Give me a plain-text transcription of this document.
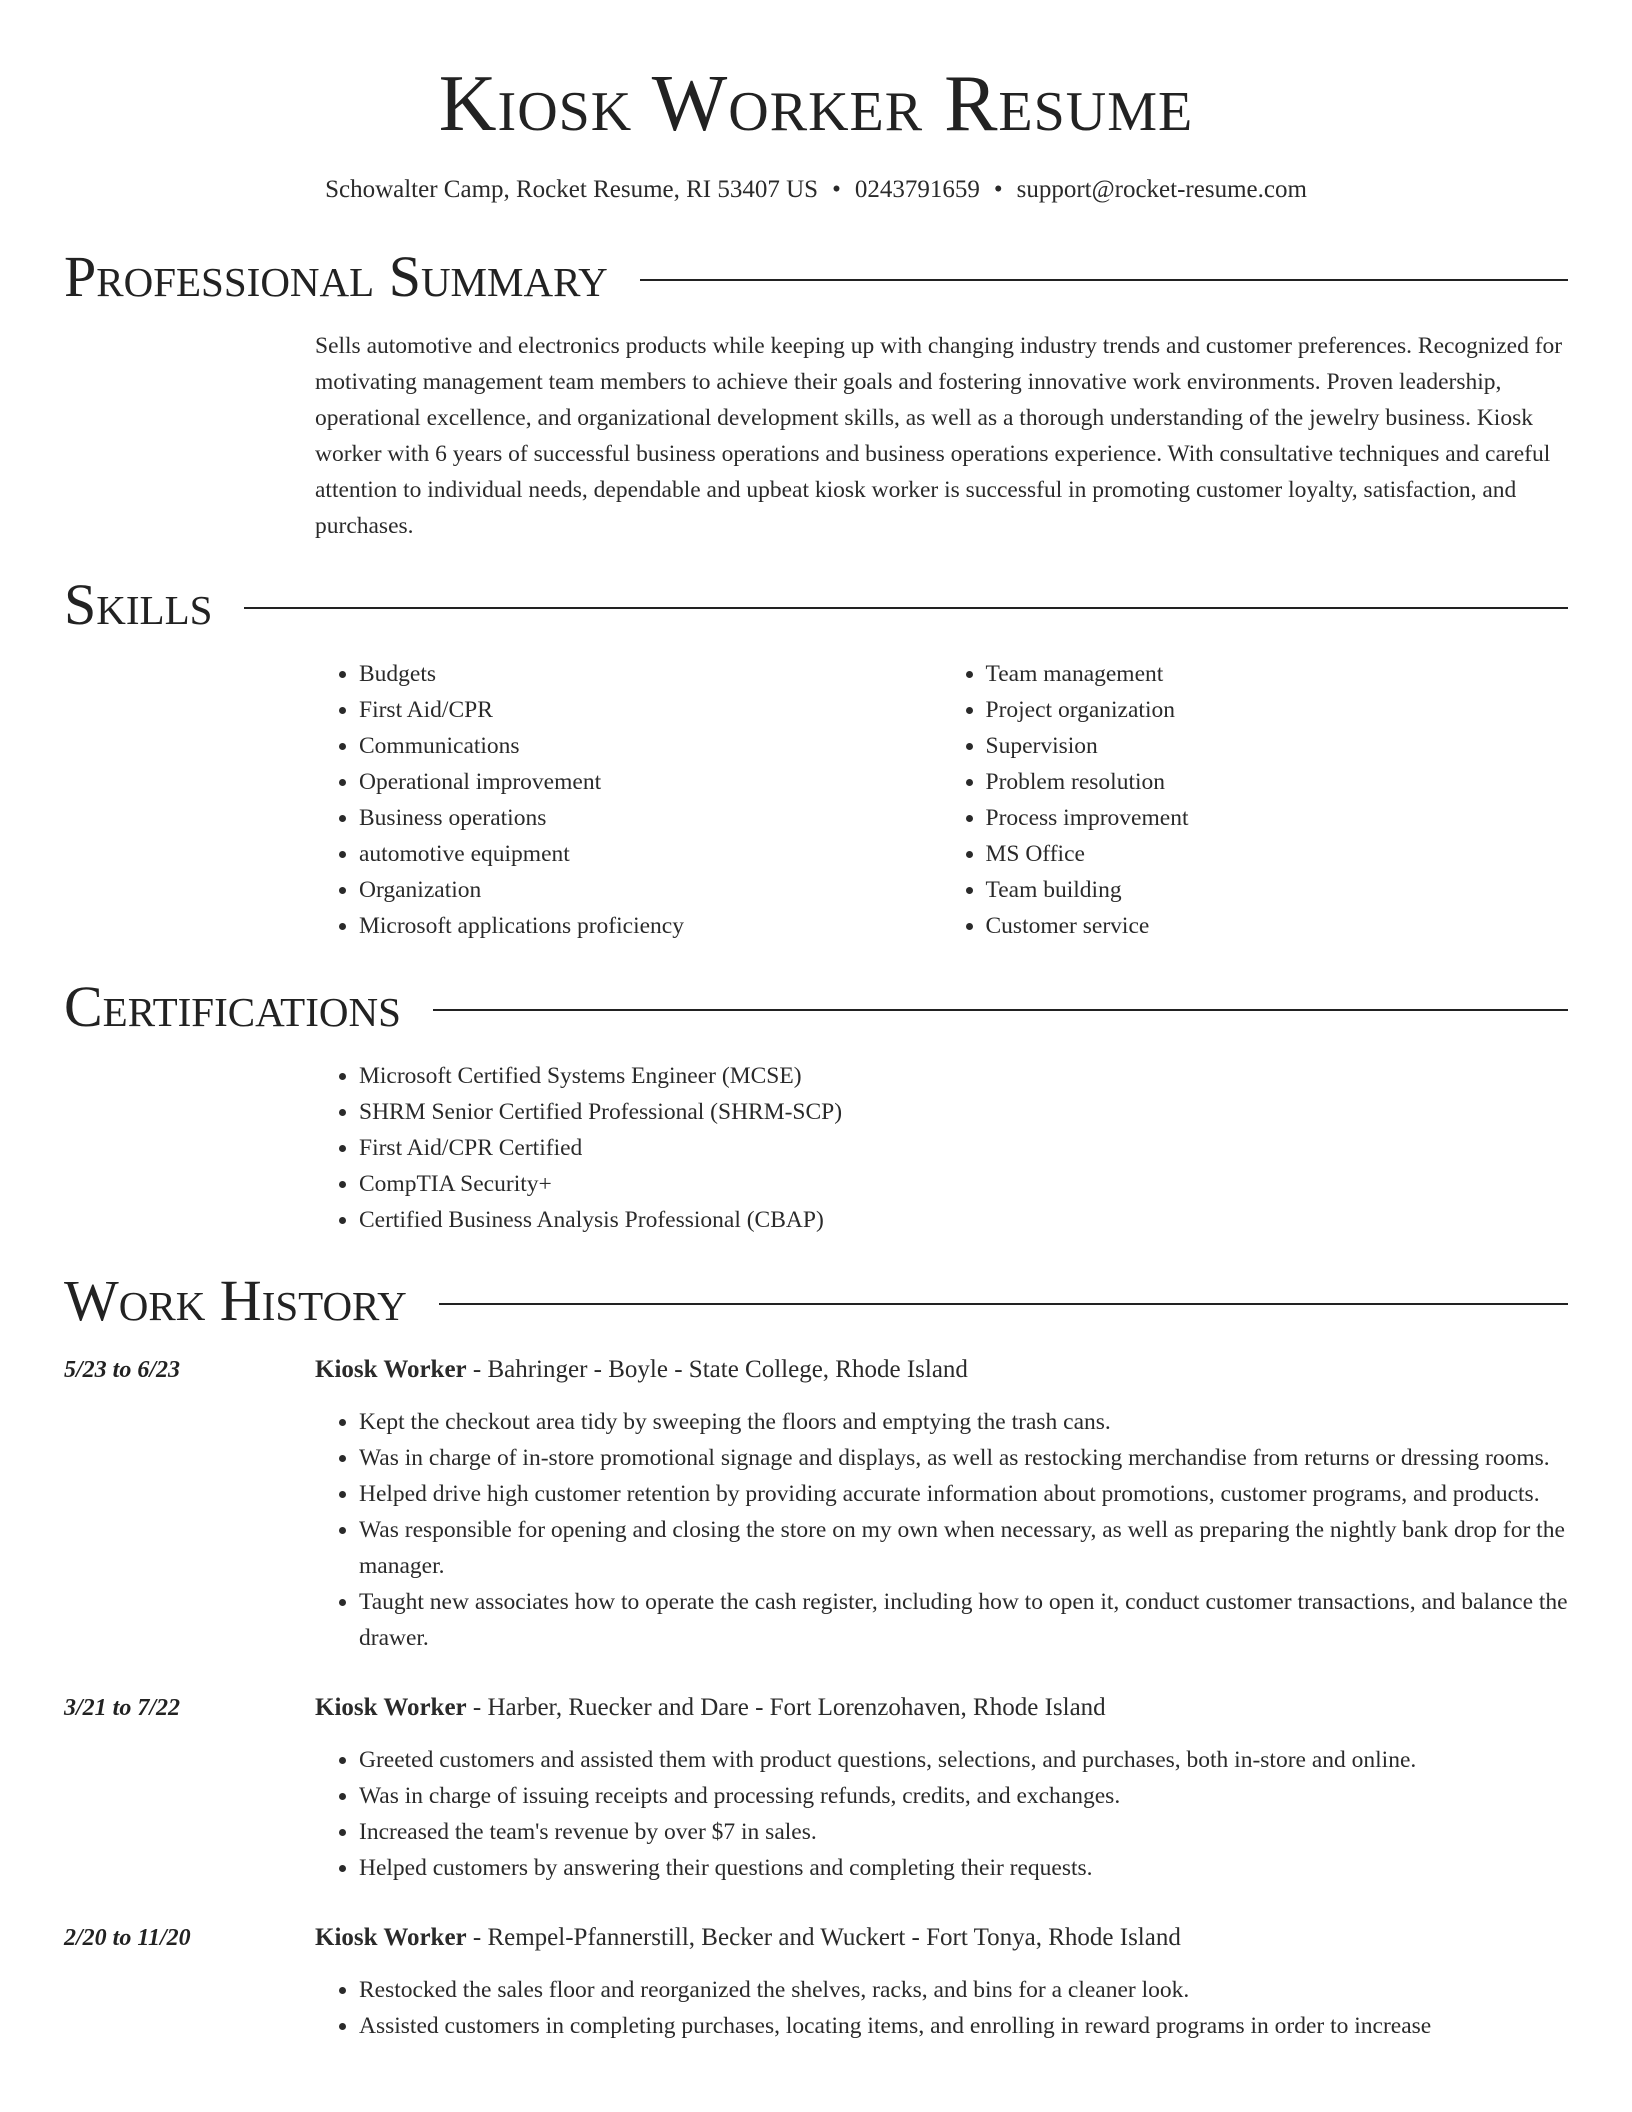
Kiosk Worker Resume
Schowalter Camp, Rocket Resume, RI 53407 US • 0243791659 • support@rocket-resume.com
Professional Summary
Sells automotive and electronics products while keeping up with changing industry trends and customer preferences. Recognized for motivating management team members to achieve their goals and fostering innovative work environments. Proven leadership, operational excellence, and organizational development skills, as well as a thorough understanding of the jewelry business. Kiosk worker with 6 years of successful business operations and business operations experience. With consultative techniques and careful attention to individual needs, dependable and upbeat kiosk worker is successful in promoting customer loyalty, satisfaction, and purchases.
Skills
• Budgets
• First Aid/CPR
• Communications
• Operational improvement
• Business operations
• automotive equipment
• Organization
• Microsoft applications proficiency
• Team management
• Project organization
• Supervision
• Problem resolution
• Process improvement
• MS Office
• Team building
• Customer service
Certifications
• Microsoft Certified Systems Engineer (MCSE)
• SHRM Senior Certified Professional (SHRM-SCP)
• First Aid/CPR Certified
• CompTIA Security+
• Certified Business Analysis Professional (CBAP)
Work History
5/23 to 6/23	Kiosk Worker - Bahringer - Boyle - State College, Rhode Island
• Kept the checkout area tidy by sweeping the floors and emptying the trash cans.
• Was in charge of in-store promotional signage and displays, as well as restocking merchandise from returns or dressing rooms.
• Helped drive high customer retention by providing accurate information about promotions, customer programs, and products.
• Was responsible for opening and closing the store on my own when necessary, as well as preparing the nightly bank drop for the manager.
• Taught new associates how to operate the cash register, including how to open it, conduct customer transactions, and balance the drawer.
3/21 to 7/22	Kiosk Worker - Harber, Ruecker and Dare - Fort Lorenzohaven, Rhode Island
• Greeted customers and assisted them with product questions, selections, and purchases, both in-store and online.
• Was in charge of issuing receipts and processing refunds, credits, and exchanges.
• Increased the team's revenue by over $7 in sales.
• Helped customers by answering their questions and completing their requests.
2/20 to 11/20	Kiosk Worker - Rempel-Pfannerstill, Becker and Wuckert - Fort Tonya, Rhode Island
• Restocked the sales floor and reorganized the shelves, racks, and bins for a cleaner look.
• Assisted customers in completing purchases, locating items, and enrolling in reward programs in order to increase
